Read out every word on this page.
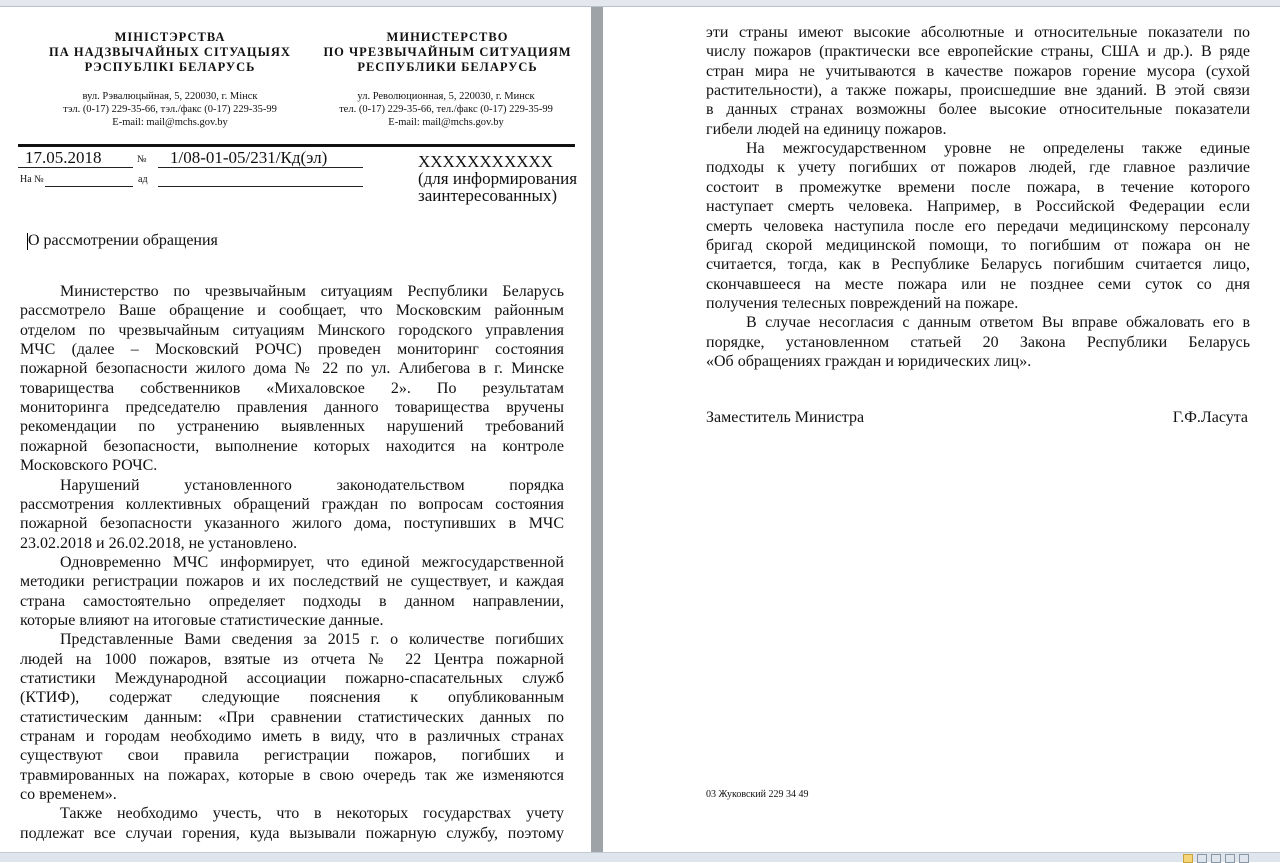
МІНІСТЭРСТВА
ПА НАДЗВЫЧАЙНЫХ СІТУАЦЫЯХ
РЭСПУБЛІКІ БЕЛАРУСЬ
МИНИСТЕРСТВО
ПО ЧРЕЗВЫЧАЙНЫМ СИТУАЦИЯМ
РЕСПУБЛИКИ БЕЛАРУСЬ
вул. Рэвалюцыйная, 5, 220030, г. Мінск
тэл. (0-17) 229-35-66, тэл./факс (0-17) 229-35-99
E-mail: mail@mchs.gov.by
ул. Революционная, 5, 220030, г. Минск
тел. (0-17) 229-35-66, тел./факс (0-17) 229-35-99
E-mail: mail@mchs.gov.by
17.05.2018	№ 1/08-01-05/231/Кд(эл)
На №	ад
XXXXXXXXXXX
(для информирования
заинтересованных)
О рассмотрении обращения
Министерство по чрезвычайным ситуациям Республики Беларусь
рассмотрело Ваше обращение и сообщает, что Московским районным
отделом по чрезвычайным ситуациям Минского городского управления
МЧС (далее – Московский РОЧС) проведен мониторинг состояния
пожарной безопасности жилого дома № 22 по ул. Алибегова в г. Минске
товарищества собственников «Михаловское 2». По результатам
мониторинга председателю правления данного товарищества вручены
рекомендации по устранению выявленных нарушений требований
пожарной безопасности, выполнение которых находится на контроле
Московского РОЧС.
Нарушений установленного законодательством порядка
рассмотрения коллективных обращений граждан по вопросам состояния
пожарной безопасности указанного жилого дома, поступивших в МЧС
23.02.2018 и 26.02.2018, не установлено.
Одновременно МЧС информирует, что единой межгосударственной
методики регистрации пожаров и их последствий не существует, и каждая
страна самостоятельно определяет подходы в данном направлении,
которые влияют на итоговые статистические данные.
Представленные Вами сведения за 2015 г. о количестве погибших
людей на 1000 пожаров, взятые из отчета № 22 Центра пожарной
статистики Международной ассоциации пожарно-спасательных служб
(КТИФ), содержат следующие пояснения к опубликованным
статистическим данным: «При сравнении статистических данных по
странам и городам необходимо иметь в виду, что в различных странах
существуют свои правила регистрации пожаров, погибших и
травмированных на пожарах, которые в свою очередь так же изменяются
со временем».
Также необходимо учесть, что в некоторых государствах учету
подлежат все случаи горения, куда вызывали пожарную службу, поэтому
эти страны имеют высокие абсолютные и относительные показатели по
числу пожаров (практически все европейские страны, США и др.). В ряде
стран мира не учитываются в качестве пожаров горение мусора (сухой
растительности), а также пожары, происшедшие вне зданий. В этой связи
в данных странах возможны более высокие относительные показатели
гибели людей на единицу пожаров.
На межгосударственном уровне не определены также единые
подходы к учету погибших от пожаров людей, где главное различие
состоит в промежутке времени после пожара, в течение которого
наступает смерть человека. Например, в Российской Федерации если
смерть человека наступила после его передачи медицинскому персоналу
бригад скорой медицинской помощи, то погибшим от пожара он не
считается, тогда, как в Республике Беларусь погибшим считается лицо,
скончавшееся на месте пожара или не позднее семи суток со дня
получения телесных повреждений на пожаре.
В случае несогласия с данным ответом Вы вправе обжаловать его в
порядке, установленном статьей 20 Закона Республики Беларусь
«Об обращениях граждан и юридических лиц».
Заместитель Министра	Г.Ф.Ласута
03 Жуковский 229 34 49
